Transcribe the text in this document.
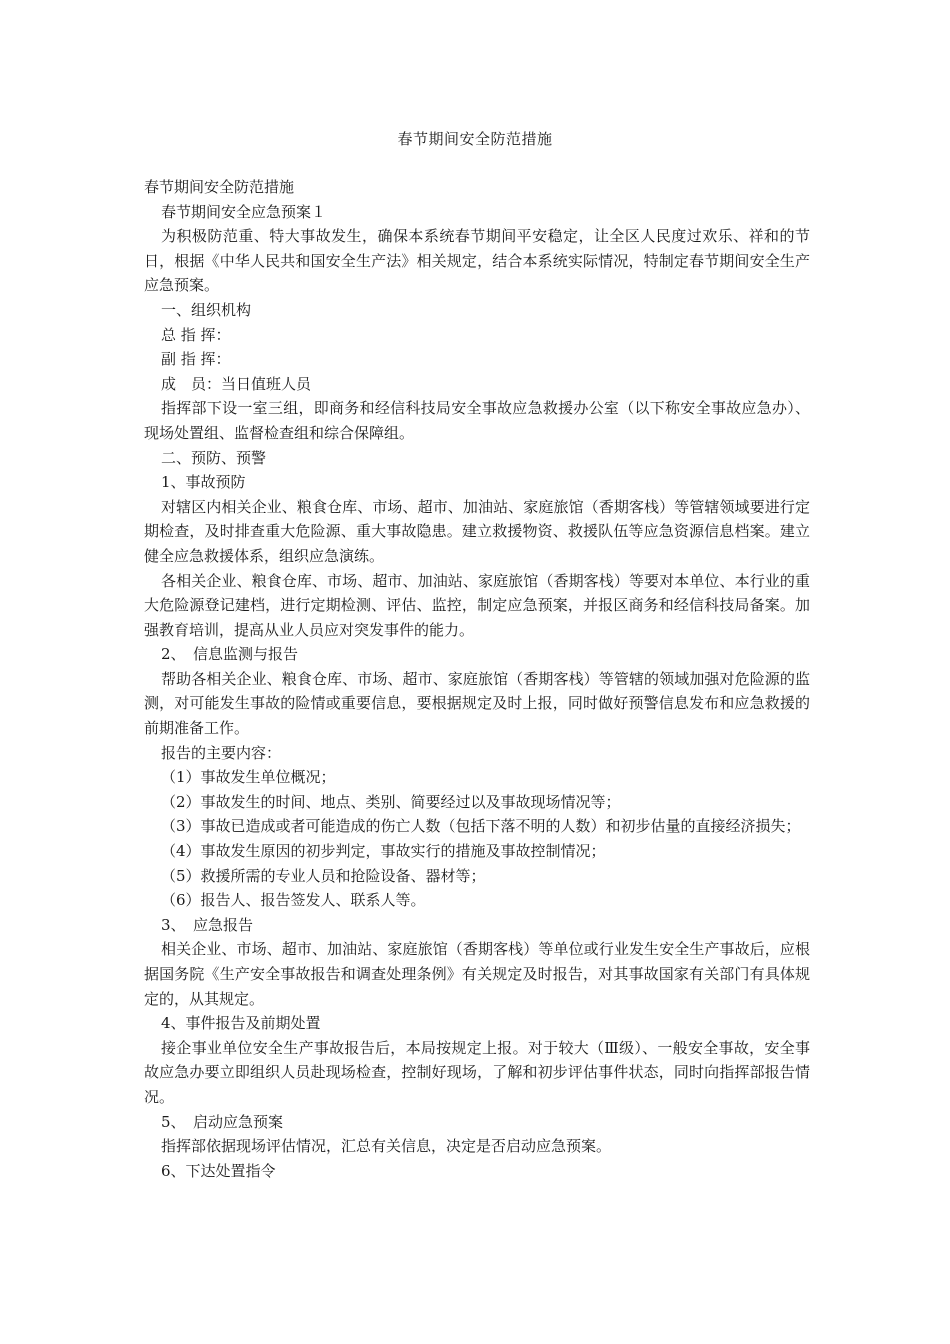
春节期间安全防范措施

春节期间安全防范措施

春节期间安全应急预案１

为积极防范重、特大事故发生，确保本系统春节期间平安稳定，让全区人民度过欢乐、祥和的节日，根据《中华人民共和国安全生产法》相关规定，结合本系统实际情况，特制定春节期间安全生产应急预案。

一、组织机构

总 指 挥：

副 指 挥：

成　员：当日值班人员

指挥部下设一室三组，即商务和经信科技局安全事故应急救援办公室（以下称安全事故应急办）、现场处置组、监督检查组和综合保障组。

二、预防、预警

1、事故预防

对辖区内相关企业、粮食仓库、市场、超市、加油站、家庭旅馆（香期客栈）等管辖领域要进行定期检查，及时排查重大危险源、重大事故隐患。建立救援物资、救援队伍等应急资源信息档案。建立健全应急救援体系，组织应急演练。

各相关企业、粮食仓库、市场、超市、加油站、家庭旅馆（香期客栈）等要对本单位、本行业的重大危险源登记建档，进行定期检测、评估、监控，制定应急预案，并报区商务和经信科技局备案。加强教育培训，提高从业人员应对突发事件的能力。

2、　信息监测与报告

帮助各相关企业、粮食仓库、市场、超市、家庭旅馆（香期客栈）等管辖的领域加强对危险源的监测，对可能发生事故的险情或重要信息，要根据规定及时上报，同时做好预警信息发布和应急救援的前期准备工作。

报告的主要内容：

（1）事故发生单位概况；

（2）事故发生的时间、地点、类别、简要经过以及事故现场情况等；

（3）事故已造成或者可能造成的伤亡人数（包括下落不明的人数）和初步估量的直接经济损失；

（4）事故发生原因的初步判定，事故实行的措施及事故控制情况；

（5）救援所需的专业人员和抢险设备、器材等；

（6）报告人、报告签发人、联系人等。

3、　应急报告

相关企业、市场、超市、加油站、家庭旅馆（香期客栈）等单位或行业发生安全生产事故后，应根据国务院《生产安全事故报告和调查处理条例》有关规定及时报告，对其事故国家有关部门有具体规定的，从其规定。

4、事件报告及前期处置

接企事业单位安全生产事故报告后，本局按规定上报。对于较大（Ⅲ级）、一般安全事故，安全事故应急办要立即组织人员赴现场检查，控制好现场，了解和初步评估事件状态，同时向指挥部报告情况。

5、　启动应急预案

指挥部依据现场评估情况，汇总有关信息，决定是否启动应急预案。

6、下达处置指令
